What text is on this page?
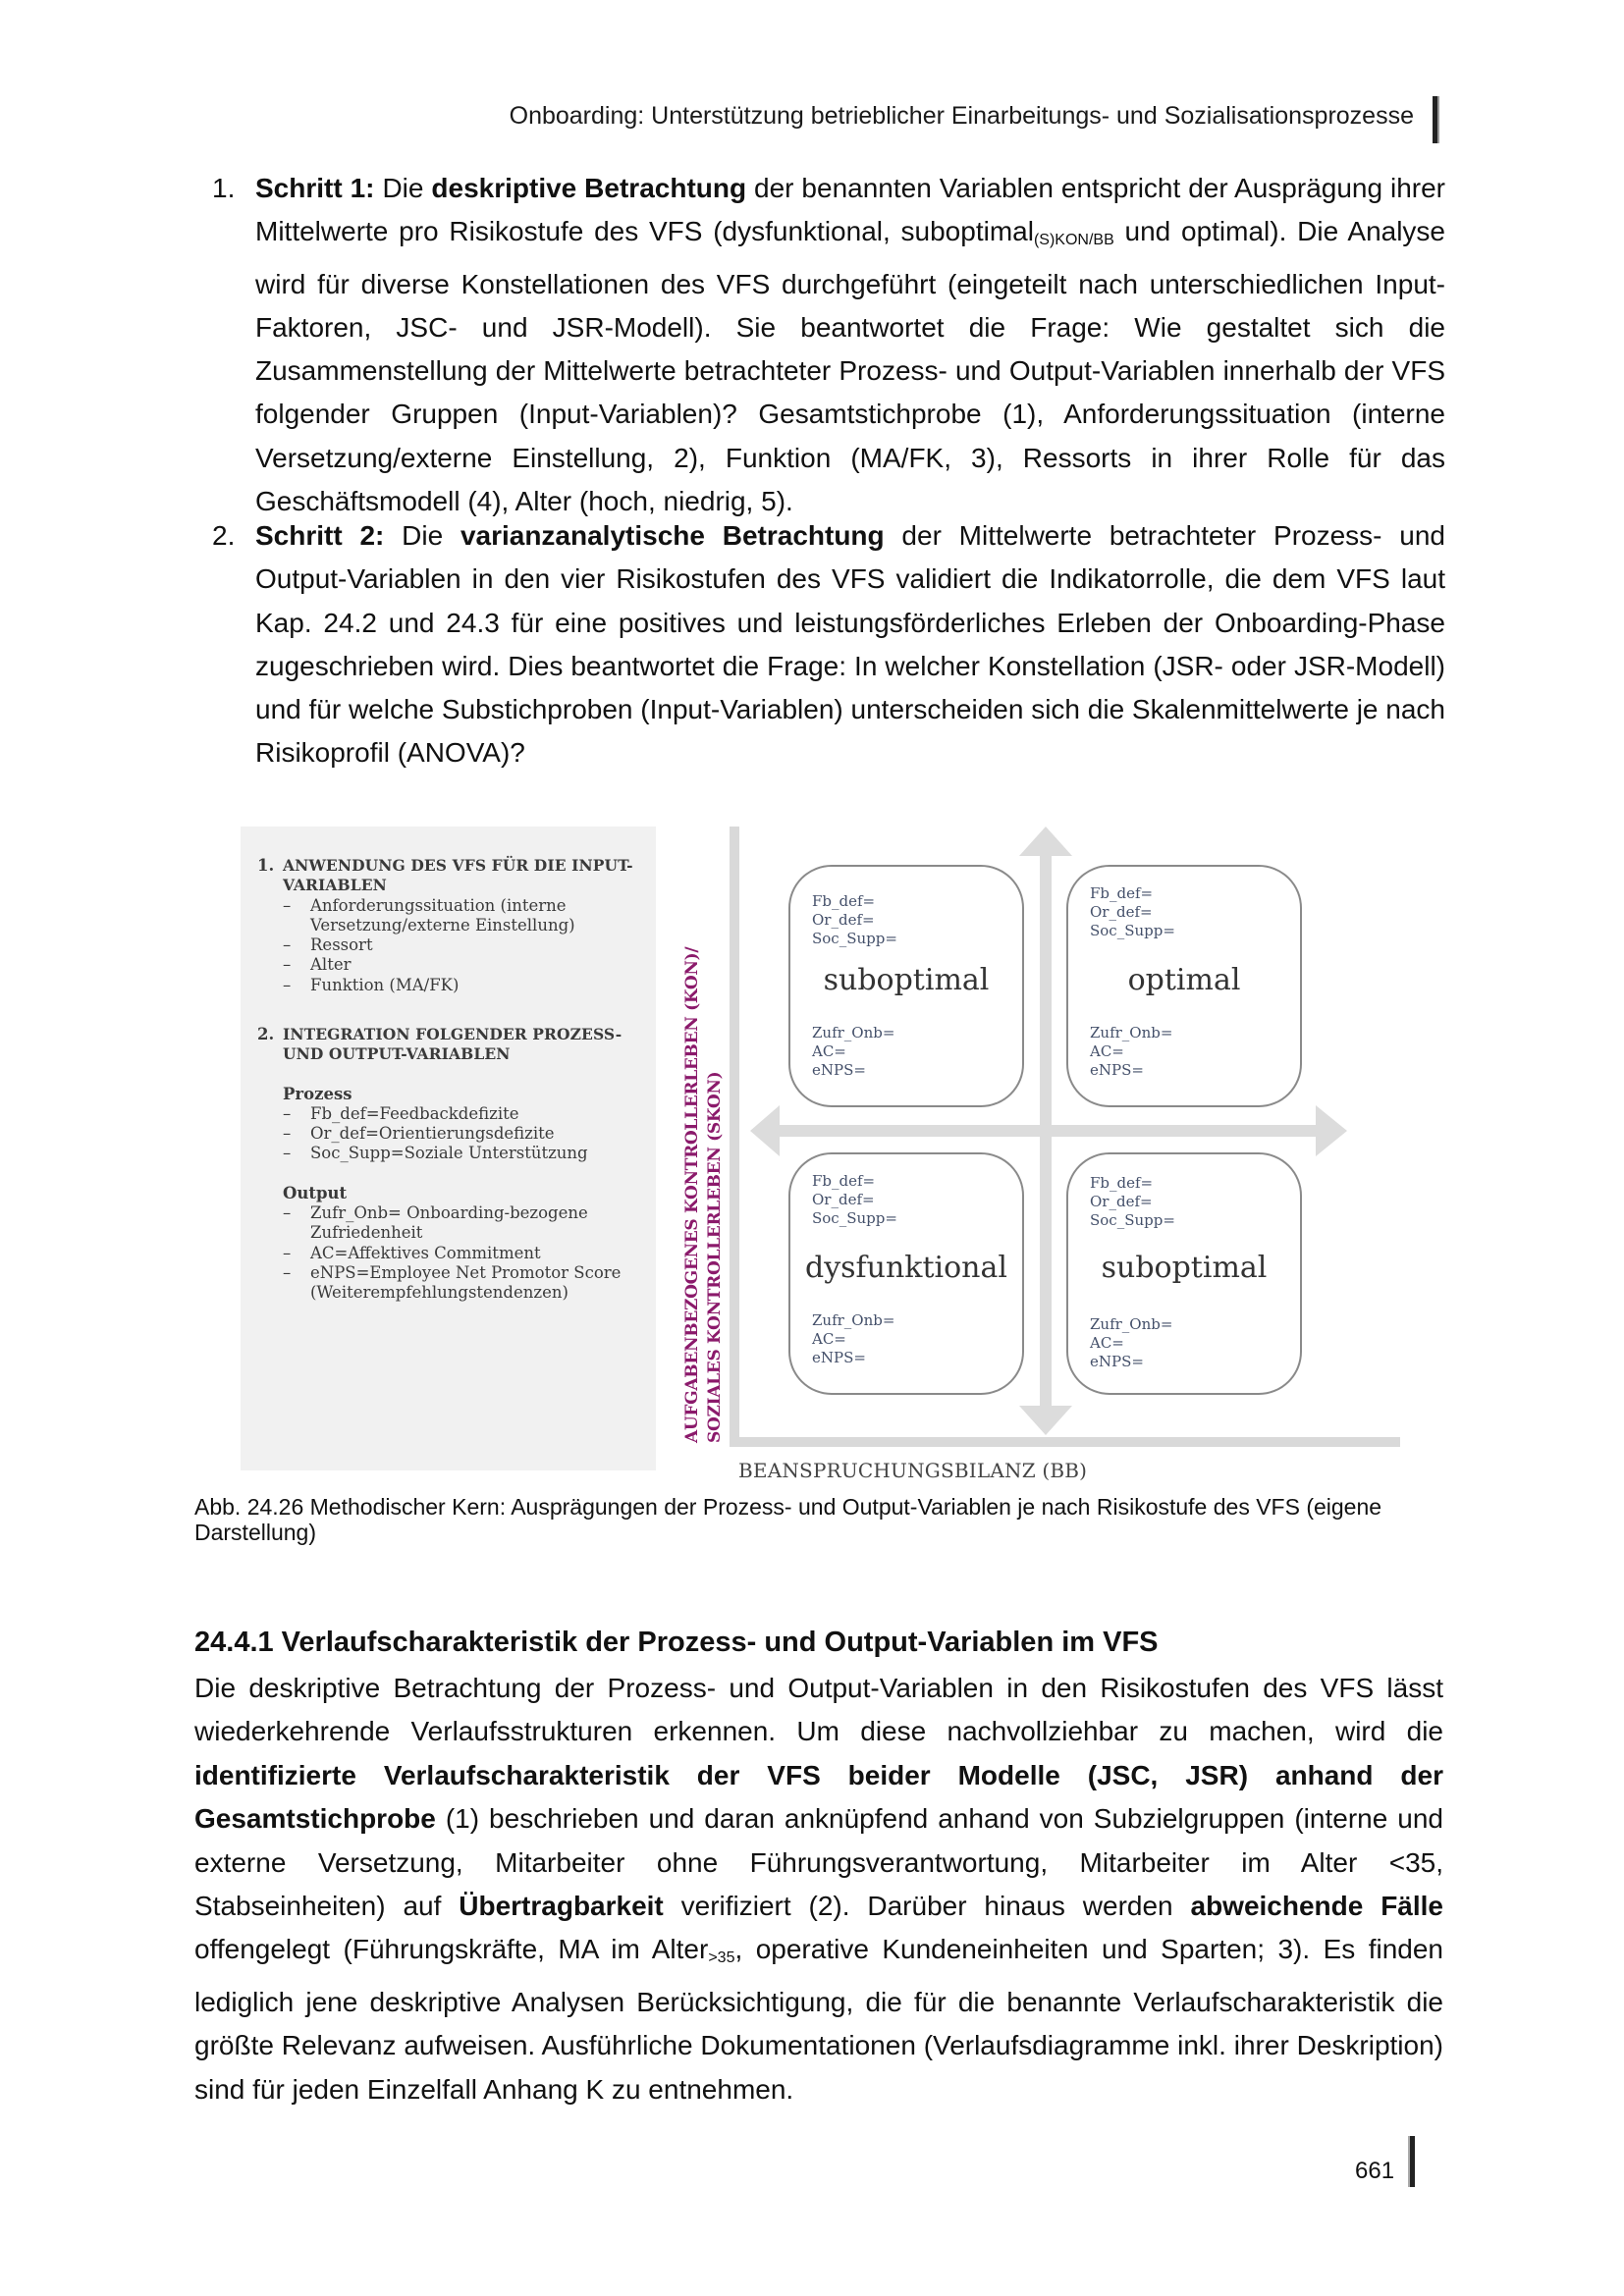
Onboarding: Unterstützung betrieblicher Einarbeitungs- und Sozialisationsprozesse
1. Schritt 1: Die deskriptive Betrachtung der benannten Variablen entspricht der Ausprägung ihrer Mittelwerte pro Risikostufe des VFS (dysfunktional, suboptimal$_{(S)KON/BB}$ und optimal). Die Analyse wird für diverse Konstellationen des VFS durchgeführt (eingeteilt nach unterschiedlichen Input-Faktoren, JSC- und JSR-Modell). Sie beantwortet die Frage: Wie gestaltet sich die Zusammenstellung der Mittelwerte betrachteter Prozess- und Output-Variablen innerhalb der VFS folgender Gruppen (Input-Variablen)? Gesamtstichprobe (1), Anforderungssituation (interne Versetzung/externe Einstellung, 2), Funktion (MA/FK, 3), Ressorts in ihrer Rolle für das Geschäftsmodell (4), Alter (hoch, niedrig, 5).
2. Schritt 2: Die varianzanalytische Betrachtung der Mittelwerte betrachteter Prozess- und Output-Variablen in den vier Risikostufen des VFS validiert die Indikatorrolle, die dem VFS laut Kap. 24.2 und 24.3 für eine positives und leistungsförderliches Erleben der Onboarding-Phase zugeschrieben wird. Dies beantwortet die Frage: In welcher Konstellation (JSR- oder JSR-Modell) und für welche Substichproben (Input-Variablen) unterscheiden sich die Skalenmittelwerte je nach Risikoprofil (ANOVA)?
1. ANWENDUNG DES VFS FÜR DIE INPUT-
VARIABLEN
– Anforderungssituation (interne
Versetzung/externe Einstellung)
– Ressort
– Alter
– Funktion (MA/FK)
2. INTEGRATION FOLGENDER PROZESS-
UND OUTPUT-VARIABLEN
Prozess
– Fb_def=Feedbackdefizite
– Or_def=Orientierungsdefizite
– Soc_Supp=Soziale Unterstützung
Output
– Zufr_Onb= Onboarding-bezogene
Zufriedenheit
– AC=Affektives Commitment
– eNPS=Employee Net Promotor Score
(Weiterempfehlungstendenzen)	AUFGABENBEZOGENES KONTROLLERLEBEN (KON)/ SOZIALES KONTROLLERLEBEN (SKON)
Fb_def=
Or_def=
Soc_Supp=
suboptimal
Zufr_Onb=
AC=
eNPS=
Fb_def=
Or_def=
Soc_Supp=
optimal
Zufr_Onb=
AC=
eNPS=
Fb_def=
Or_def=
Soc_Supp=
dysfunktional
Zufr_Onb=
AC=
eNPS=
Fb_def=
Or_def=
Soc_Supp=
suboptimal
Zufr_Onb=
AC=
eNPS=
BEANSPRUCHUNGSBILANZ (BB)
Abb. 24.26 Methodischer Kern: Ausprägungen der Prozess- und Output-Variablen je nach Risikostufe des VFS (eigene Darstellung)
24.4.1 Verlaufscharakteristik der Prozess- und Output-Variablen im VFS
Die deskriptive Betrachtung der Prozess- und Output-Variablen in den Risikostufen des VFS lässt wiederkehrende Verlaufsstrukturen erkennen. Um diese nachvollziehbar zu machen, wird die identifizierte Verlaufscharakteristik der VFS beider Modelle (JSC, JSR) anhand der Gesamtstichprobe (1) beschrieben und daran anknüpfend anhand von Subzielgruppen (interne und externe Versetzung, Mitarbeiter ohne Führungsverantwortung, Mitarbeiter im Alter <35, Stabseinheiten) auf Übertragbarkeit verifiziert (2). Darüber hinaus werden abweichende Fälle offengelegt (Führungskräfte, MA im Alter$_{>35}$, operative Kundeneinheiten und Sparten; 3). Es finden lediglich jene deskriptive Analysen Berücksichtigung, die für die benannte Verlaufscharakteristik die größte Relevanz aufweisen. Ausführliche Dokumentationen (Verlaufsdiagramme inkl. ihrer Deskription) sind für jeden Einzelfall Anhang K zu entnehmen.
661
